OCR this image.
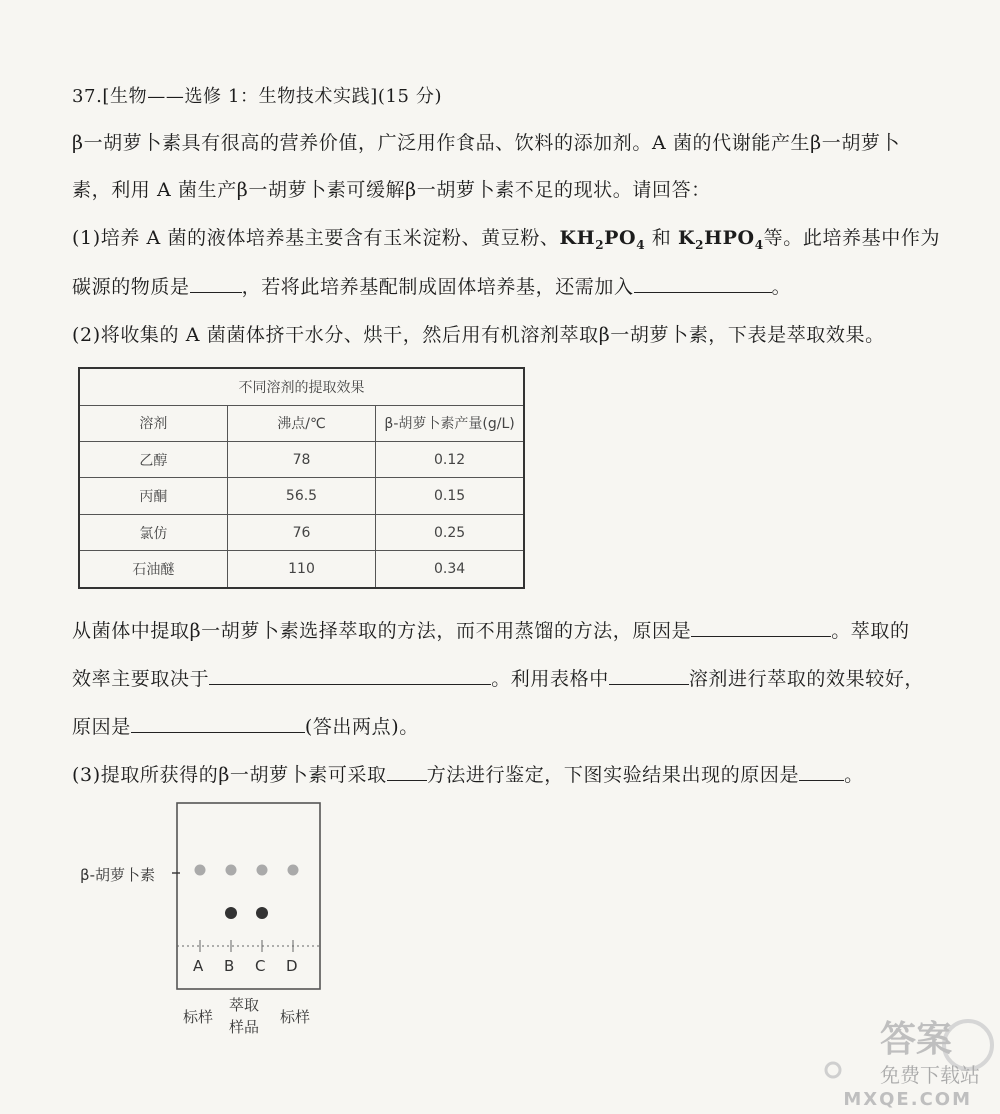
37.[生物——选修 1：生物技术实践](15 分)
β一胡萝卜素具有很高的营养价值，广泛用作食品、饮料的添加剂。A 菌的代谢能产生β一胡萝卜
素，利用 A 菌生产β一胡萝卜素可缓解β一胡萝卜素不足的现状。请回答：
(1)培养 A 菌的液体培养基主要含有玉米淀粉、黄豆粉、$KH_2PO_4$ 和 $K_2HPO_4$等。此培养基中作为
碳源的物质是	，若将此培养基配制成固体培养基，还需加入	。
(2)将收集的 A 菌菌体挤干水分、烘干，然后用有机溶剂萃取β一胡萝卜素，下表是萃取效果。
不同溶剂的提取效果		
溶剂	沸点/℃	β-胡萝卜素产量(g/L)
乙醇	78	0.12
丙酮	56.5	0.15
氯仿	76	0.25
石油醚	110	0.34
从菌体中提取β一胡萝卜素选择萃取的方法，而不用蒸馏的方法，原因是	。萃取的
效率主要取决于	。利用表格中	溶剂进行萃取的效果较好，
原因是	(答出两点)。
(3)提取所获得的β一胡萝卜素可采取 方法进行鉴定，下图实验结果出现的原因是 。
β-胡萝卜素
A B C D
标样
萃取
样品
标样
答案
免费下载站
MXQE.COM
